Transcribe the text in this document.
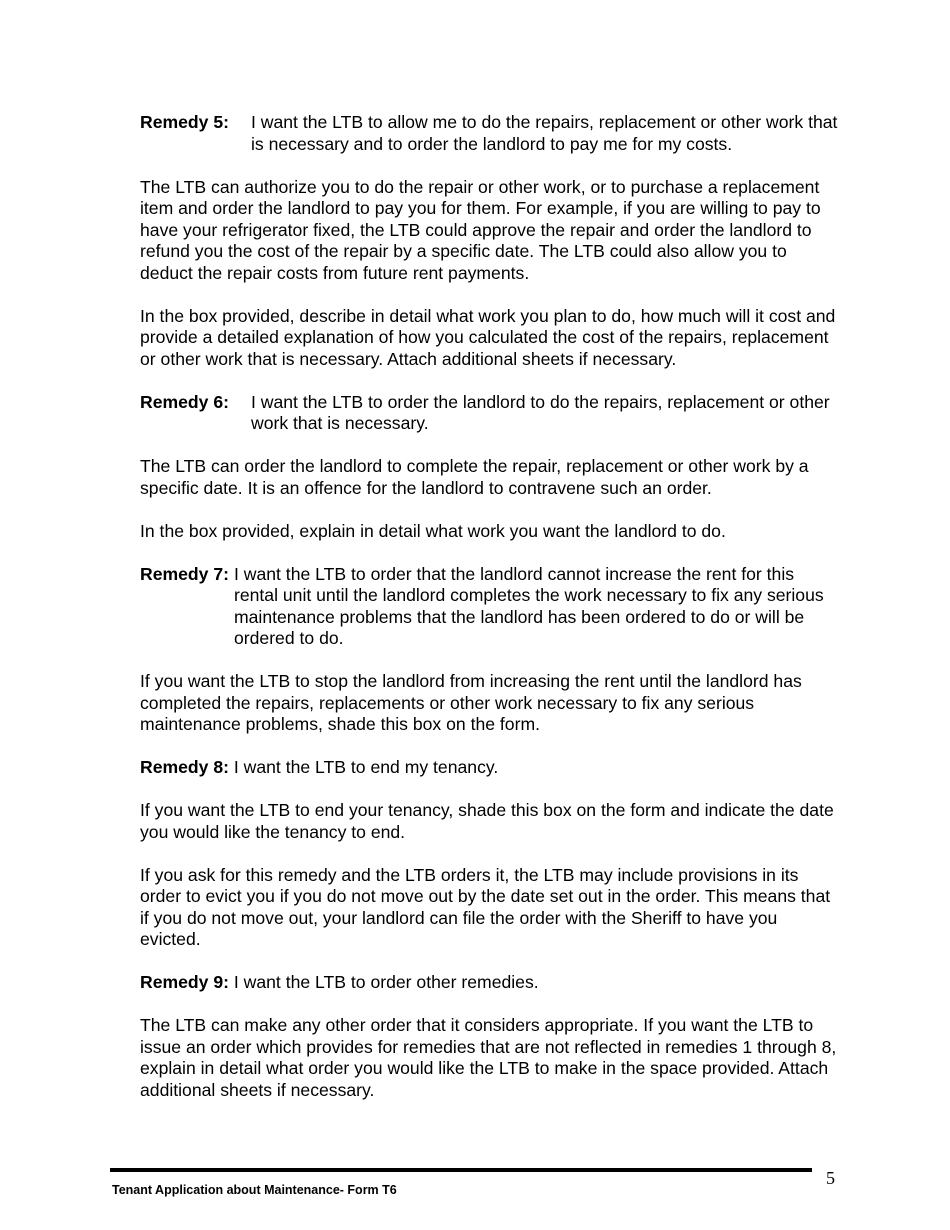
Remedy 5:	I want the LTB to allow me to do the repairs, replacement or other work that is necessary and to order the landlord to pay me for my costs.

The LTB can authorize you to do the repair or other work, or to purchase a replacement item and order the landlord to pay you for them. For example, if you are willing to pay to have your refrigerator fixed, the LTB could approve the repair and order the landlord to refund you the cost of the repair by a specific date. The LTB could also allow you to deduct the repair costs from future rent payments.

In the box provided, describe in detail what work you plan to do, how much will it cost and provide a detailed explanation of how you calculated the cost of the repairs, replacement or other work that is necessary. Attach additional sheets if necessary.

Remedy 6:	I want the LTB to order the landlord to do the repairs, replacement or other work that is necessary.

The LTB can order the landlord to complete the repair, replacement or other work by a specific date. It is an offence for the landlord to contravene such an order.

In the box provided, explain in detail what work you want the landlord to do.

Remedy 7: I want the LTB to order that the landlord cannot increase the rent for this rental unit until the landlord completes the work necessary to fix any serious maintenance problems that the landlord has been ordered to do or will be ordered to do.

If you want the LTB to stop the landlord from increasing the rent until the landlord has completed the repairs, replacements or other work necessary to fix any serious maintenance problems, shade this box on the form.

Remedy 8: I want the LTB to end my tenancy.

If you want the LTB to end your tenancy, shade this box on the form and indicate the date you would like the tenancy to end.

If you ask for this remedy and the LTB orders it, the LTB may include provisions in its order to evict you if you do not move out by the date set out in the order. This means that if you do not move out, your landlord can file the order with the Sheriff to have you evicted.

Remedy 9: I want the LTB to order other remedies.

The LTB can make any other order that it considers appropriate. If you want the LTB to issue an order which provides for remedies that are not reflected in remedies 1 through 8, explain in detail what order you would like the LTB to make in the space provided. Attach additional sheets if necessary.

5
Tenant Application about Maintenance- Form T6
